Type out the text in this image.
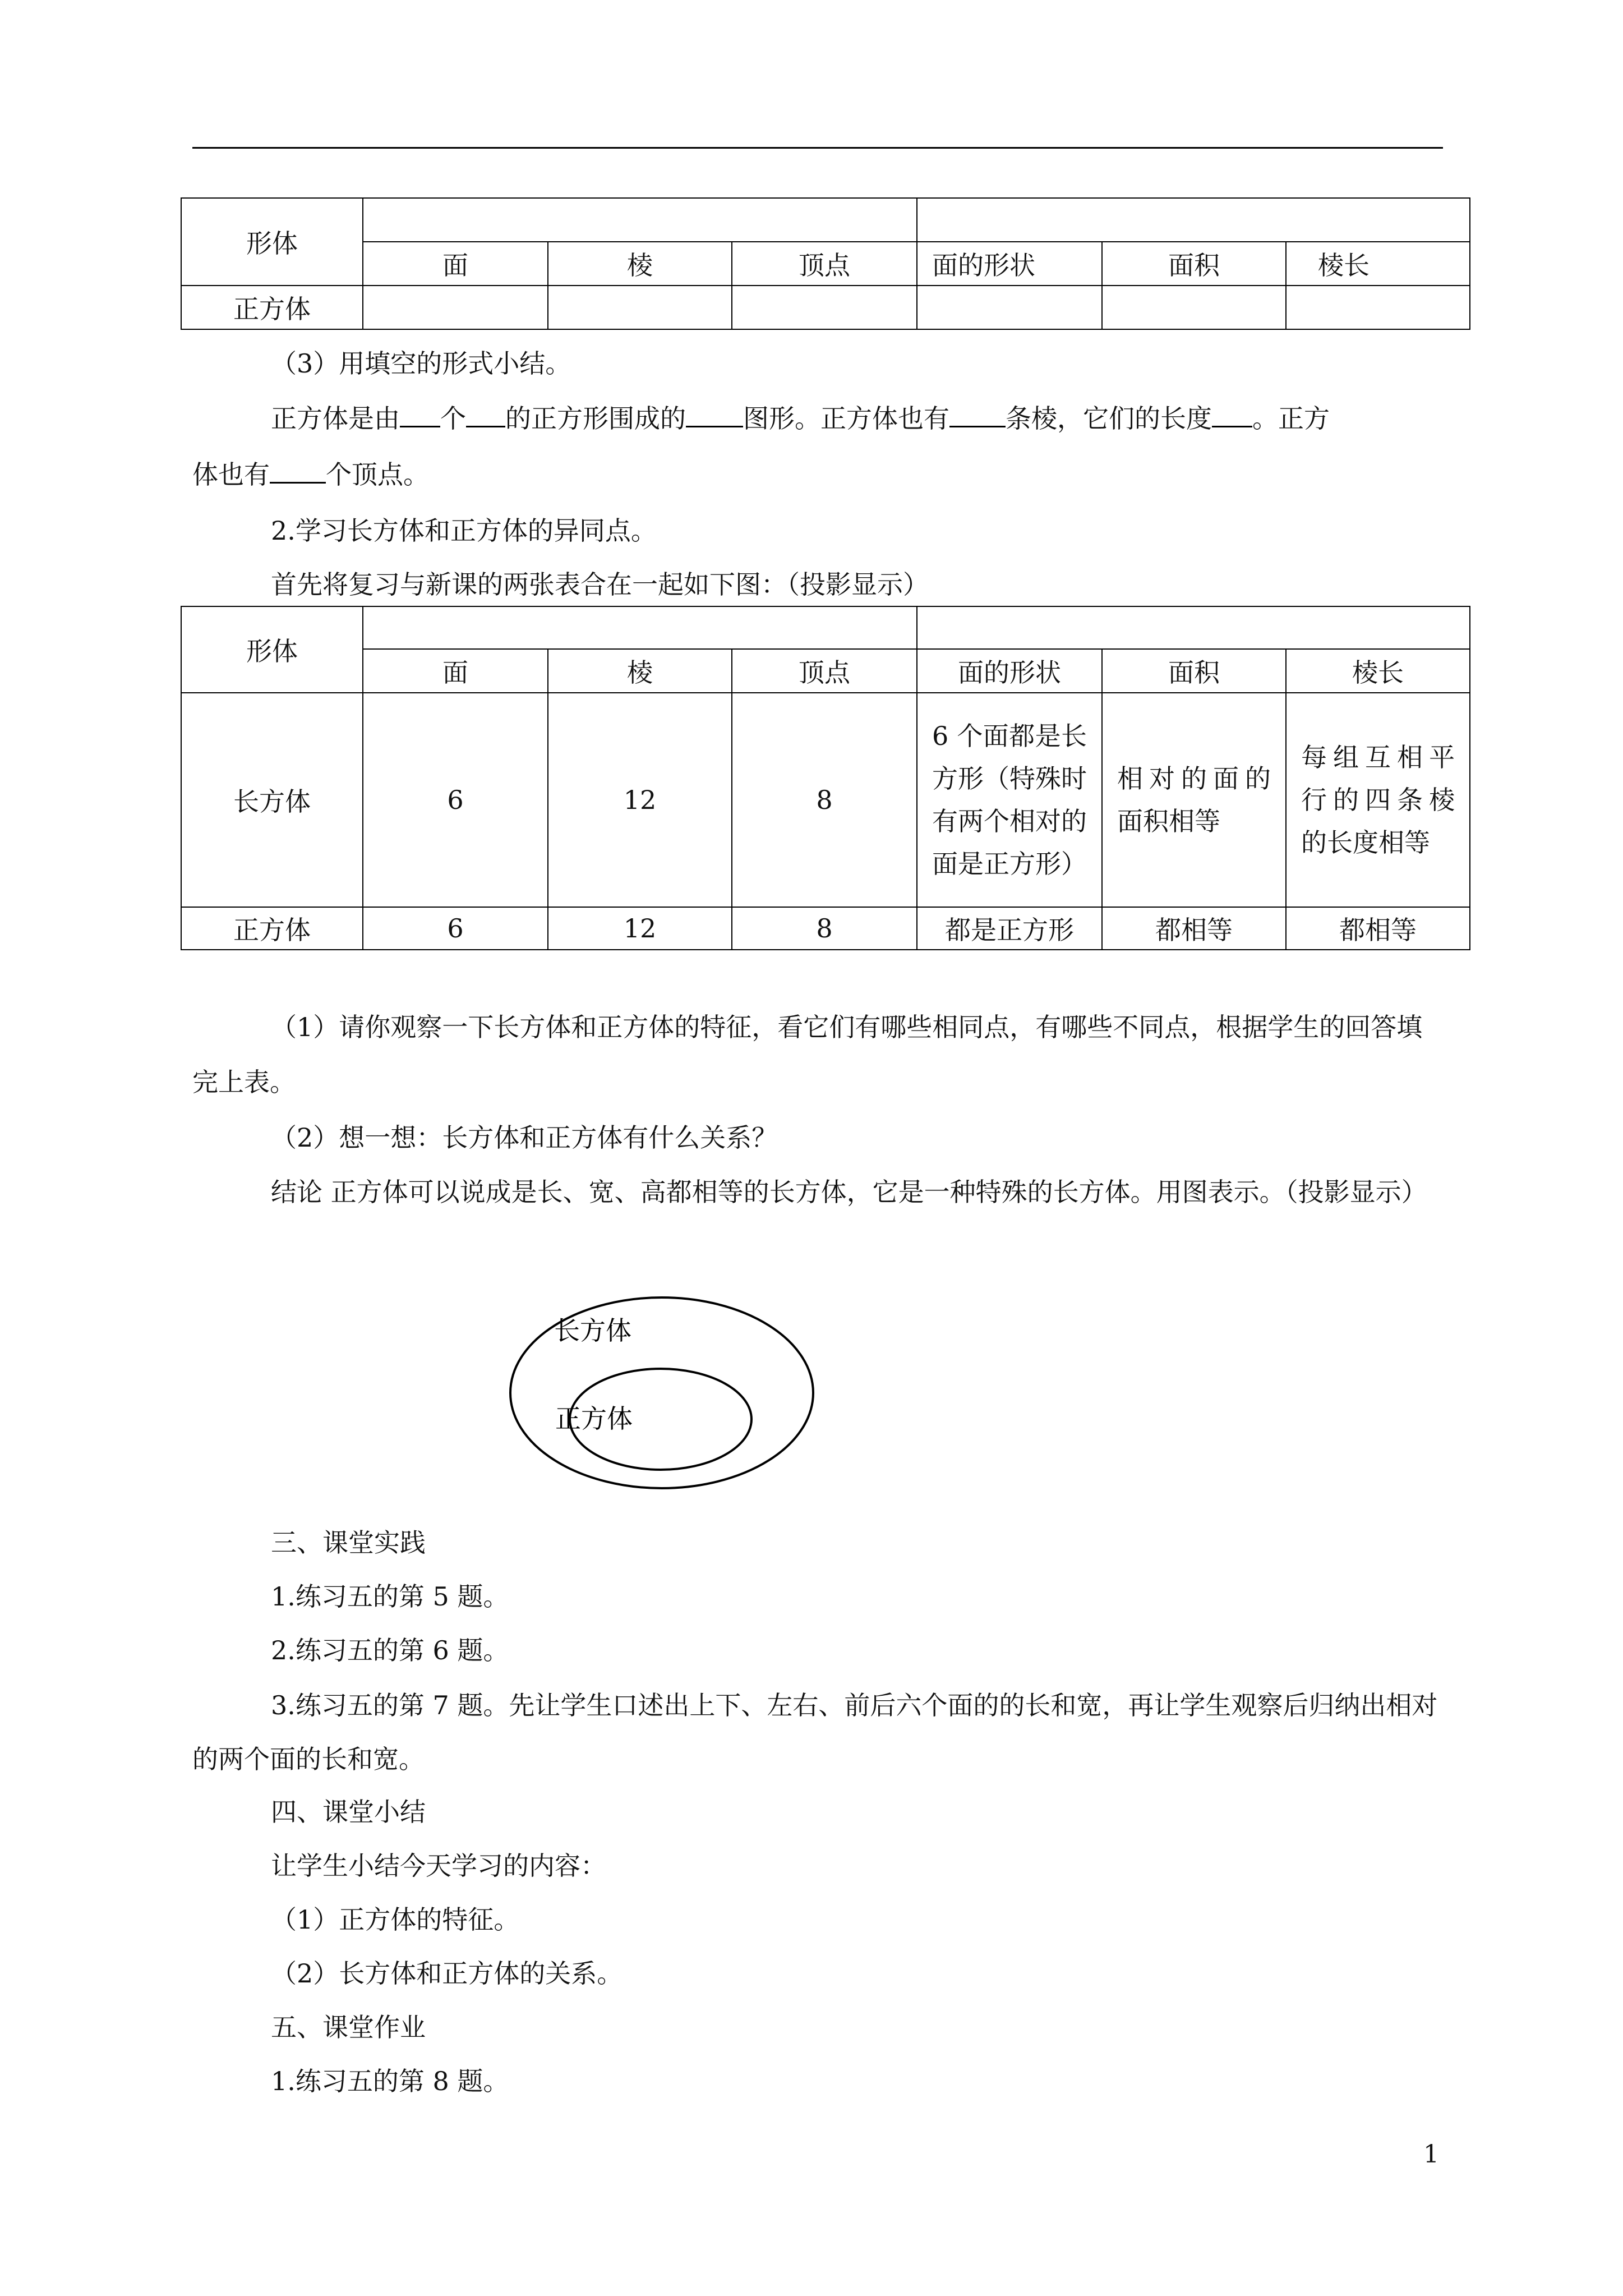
形体						
	面	棱	顶点	面的形状	面积	棱长
正方体						

（3）用填空的形式小结。

正方体是由 个 的正方形围成的 图形。正方体也有 条棱，它们的长度 。正方

体也有 个顶点。

2.学习长方体和正方体的异同点。

首先将复习与新课的两张表合在一起如下图：（投影显示）

形体						
	面	棱	顶点	面的形状	面积	棱长
长方体	6	12	8	6 个面都是长方形（特殊时有两个相对的面是正方形）	相对的面的面积相等	每组互相平行的四条棱的长度相等

正方体	6	12	8	都是正方形	都相等	都相等

（1）请你观察一下长方体和正方体的特征，看它们有哪些相同点，有哪些不同点，根据学生的回答填完上表。

（2）想一想：长方体和正方体有什么关系？

结论 正方体可以说成是长、宽、高都相等的长方体，它是一种特殊的长方体。用图表示。（投影显示）

长方体
正方体

三、课堂实践

1.练习五的第 5 题。

2.练习五的第 6 题。

3.练习五的第 7 题。先让学生口述出上下、左右、前后六个面的的长和宽，再让学生观察后归纳出相对的两个面的长和宽。

四、课堂小结

让学生小结今天学习的内容：

（1）正方体的特征。

（2）长方体和正方体的关系。

五、课堂作业

1.练习五的第 8 题。

1
